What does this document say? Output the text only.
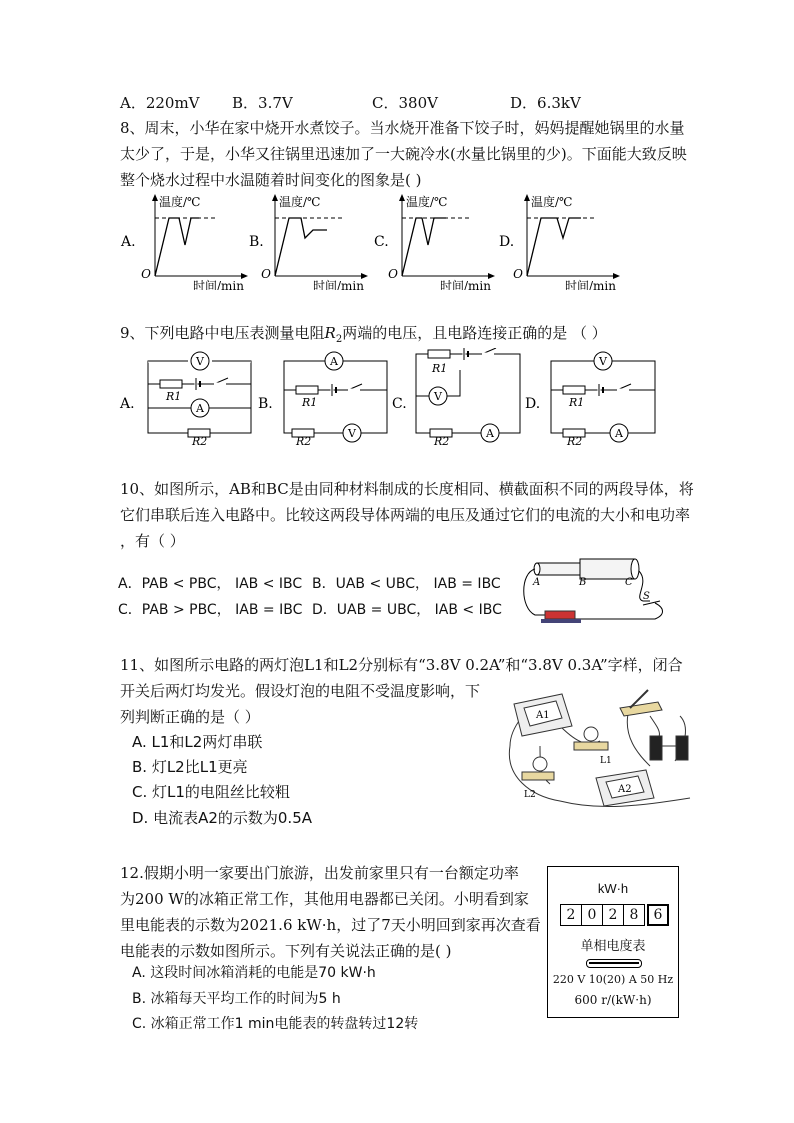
A．220mV B．3.7V	C．380V	D．6.3kV
8、周末，小华在家中烧开水煮饺子。当水烧开准备下饺子时，妈妈提醒她锅里的水量
太少了，于是，小华又往锅里迅速加了一大碗冷水(水量比锅里的少)。下面能大致反映
整个烧水过程中水温随着时间变化的图象是( )
A.
O
温度/℃
时间/min
B.
O
温度/℃
时间/min
C.
O
温度/℃
时间/min
D.
O
温度/℃
时间/min
9、下列电路中电压表测量电阻$R_2$两端的电压，且电路连接正确的是 （ ）
A.
V
R1
A
R2
B.
A
R1
R2
V
C.
R1
V
R2
A
D.
V
R1
R2
A
10、如图所示，AB和BC是由同种材料制成的长度相同、横截面积不同的两段导体，将
它们串联后连入电路中。比较这两段导体两端的电压及通过它们的电流的大小和电功率
，有（ ）
A．PAB < PBC， IAB < IBC B．UAB < UBC， IAB = IBC
C．PAB > PBC， IAB = IBC D．UAB = UBC， IAB < IBC
A	B	C
S
11、如图所示电路的两灯泡L1和L2分别标有“3.8V 0.2A”和“3.8V 0.3A”字样，闭合
开关后两灯均发光。假设灯泡的电阻不受温度影响，下
列判断正确的是（ ）
A. L1和L2两灯串联
B. 灯L2比L1更亮
C. 灯L1的电阻丝比较粗
D. 电流表A2的示数为0.5A
A1
L1
L2	A2
12.假期小明一家要出门旅游，出发前家里只有一台额定功率
为200 W的冰箱正常工作，其他用电器都已关闭。小明看到家
里电能表的示数为2021.6 kW·h，过了7天小明回到家再次查看
电能表的示数如图所示。下列有关说法正确的是( )
A. 这段时间冰箱消耗的电能是70 kW·h
B. 冰箱每天平均工作的时间为5 h
C. 冰箱正常工作1 min电能表的转盘转过12转
kW·h
2 0 2 8	6
单相电度表
220 V 10(20) A 50 Hz
600 r/(kW·h)
